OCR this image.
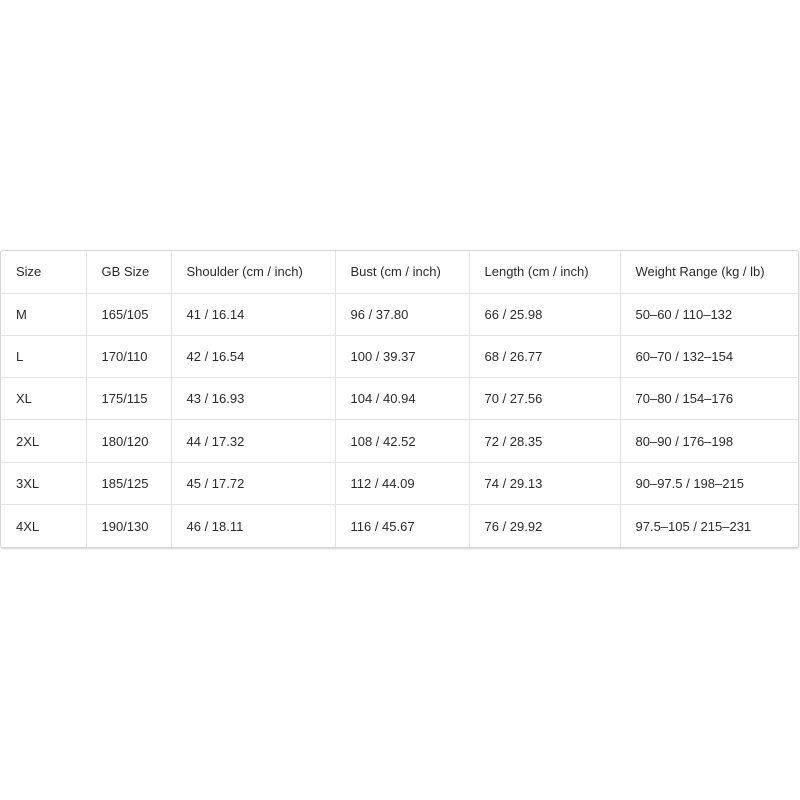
Size	GB Size	Shoulder (cm / inch)	Bust (cm / inch)	Length (cm / inch)	Weight Range (kg / lb)
M	165/105	41 / 16.14	96 / 37.80	66 / 25.98	50–60 / 110–132
L	170/110	42 / 16.54	100 / 39.37	68 / 26.77	60–70 / 132–154
XL	175/115	43 / 16.93	104 / 40.94	70 / 27.56	70–80 / 154–176
2XL	180/120	44 / 17.32	108 / 42.52	72 / 28.35	80–90 / 176–198
3XL	185/125	45 / 17.72	112 / 44.09	74 / 29.13	90–97.5 / 198–215
4XL	190/130	46 / 18.11	116 / 45.67	76 / 29.92	97.5–105 / 215–231
